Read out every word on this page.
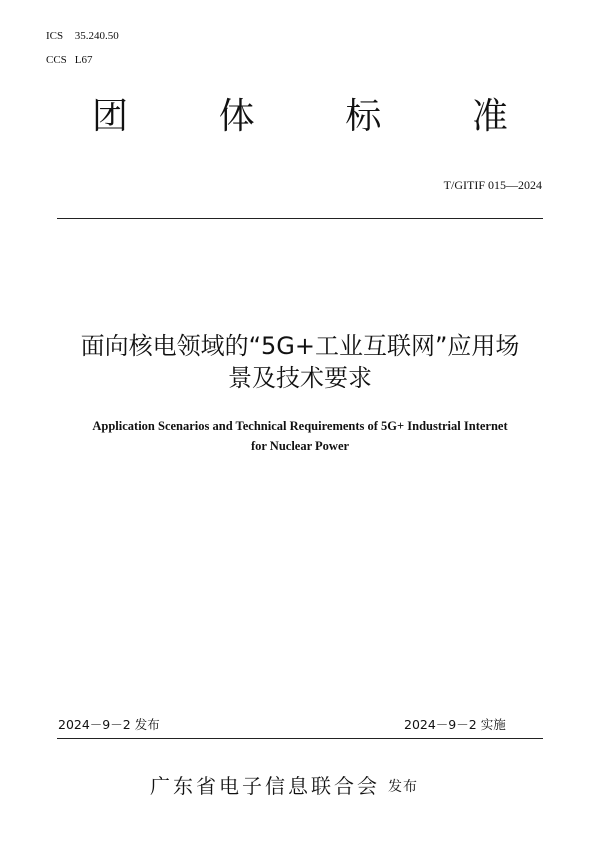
ICS 35.240.50
CCS L67
团	体	标	准
T/GITIF 015—2024
面向核电领域的“5G+工业互联网”应用场
景及技术要求
Application Scenarios and Technical Requirements of 5G+ Industrial Internet
for Nuclear Power
2024－9－2 发布	2024－9－2 实施
广东省电子信息联合会 发布
